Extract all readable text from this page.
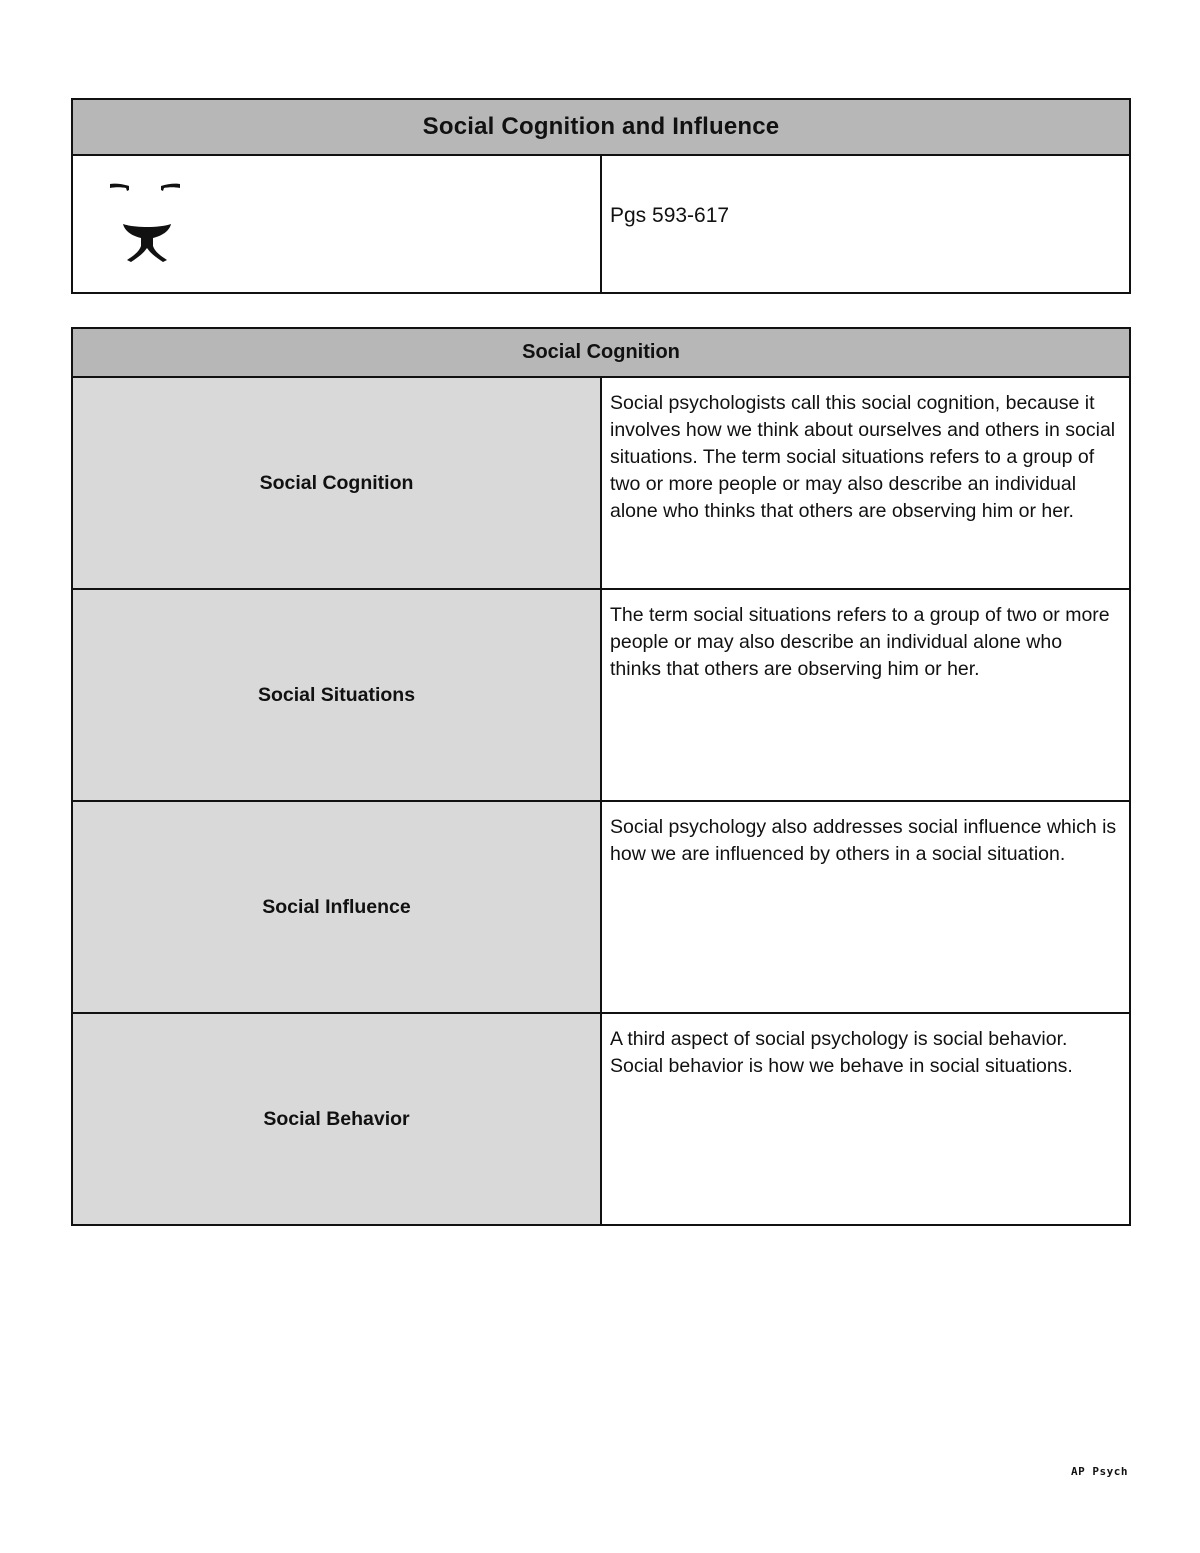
Social Cognition and Influence

	Pgs 593-617
Social Cognition	
Social Cognition	Social psychologists call this social cognition, because it involves how we think about ourselves and others in social situations. The term social situations refers to a group of two or more people or may also describe an individual alone who thinks that others are observing him or her.
Social Situations	The term social situations refers to a group of two or more people or may also describe an individual alone who thinks that others are observing him or her.
Social Influence	Social psychology also addresses social influence which is how we are influenced by others in a social situation.
Social Behavior	A third aspect of social psychology is social behavior. Social behavior is how we behave in social situations.
AP Psych
